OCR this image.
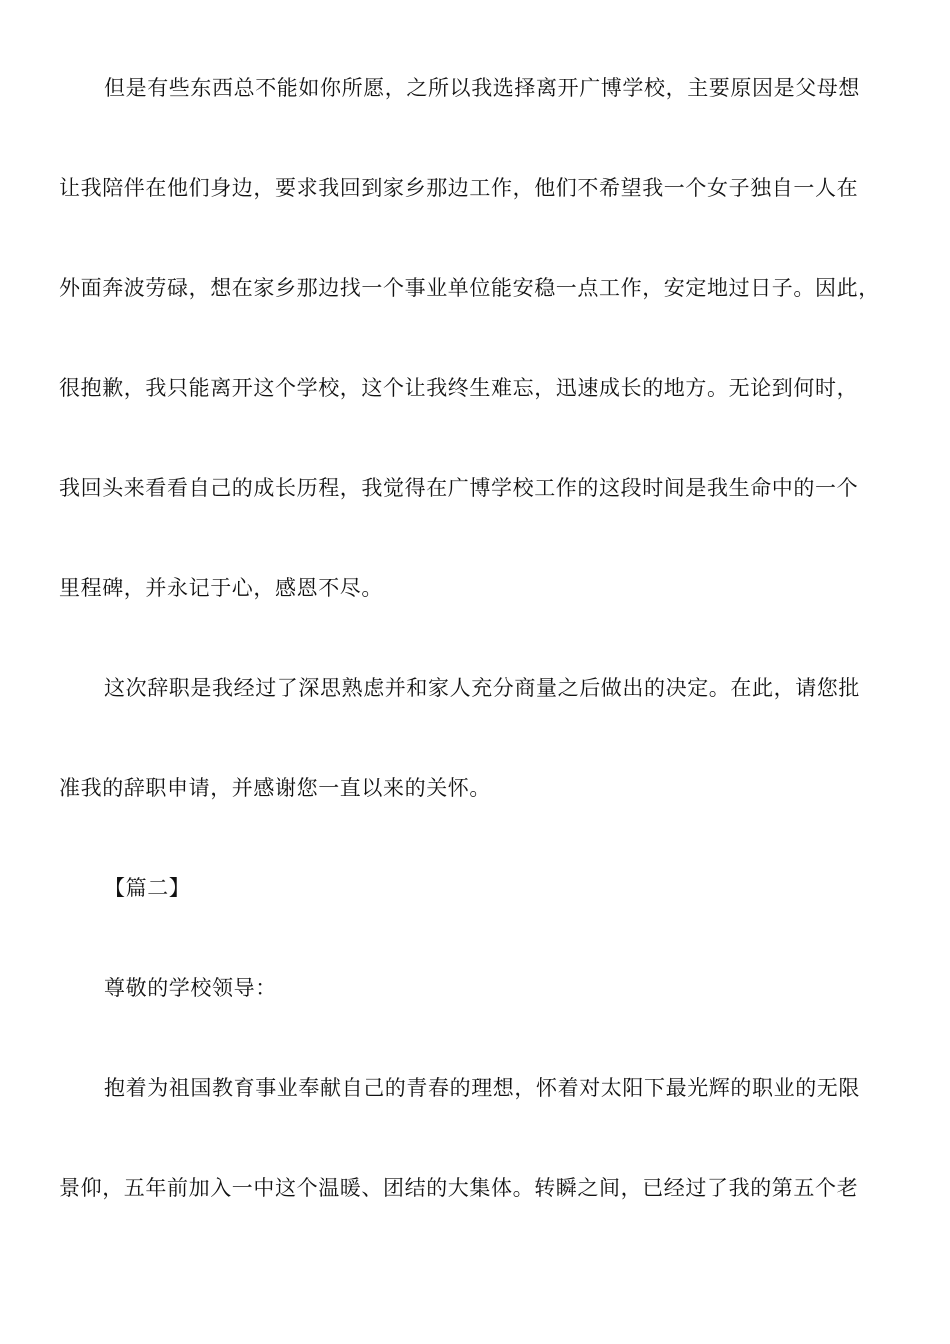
但是有些东西总不能如你所愿，之所以我选择离开广博学校，主要原因是父母想
让我陪伴在他们身边，要求我回到家乡那边工作，他们不希望我一个女子独自一人在
外面奔波劳碌，想在家乡那边找一个事业单位能安稳一点工作，安定地过日子。因此，
很抱歉，我只能离开这个学校，这个让我终生难忘，迅速成长的地方。无论到何时，
我回头来看看自己的成长历程，我觉得在广博学校工作的这段时间是我生命中的一个
里程碑，并永记于心，感恩不尽。
这次辞职是我经过了深思熟虑并和家人充分商量之后做出的决定。在此，请您批
准我的辞职申请，并感谢您一直以来的关怀。
【篇二】
尊敬的学校领导：
抱着为祖国教育事业奉献自己的青春的理想，怀着对太阳下最光辉的职业的无限
景仰，五年前加入一中这个温暖、团结的大集体。转瞬之间，已经过了我的第五个老
